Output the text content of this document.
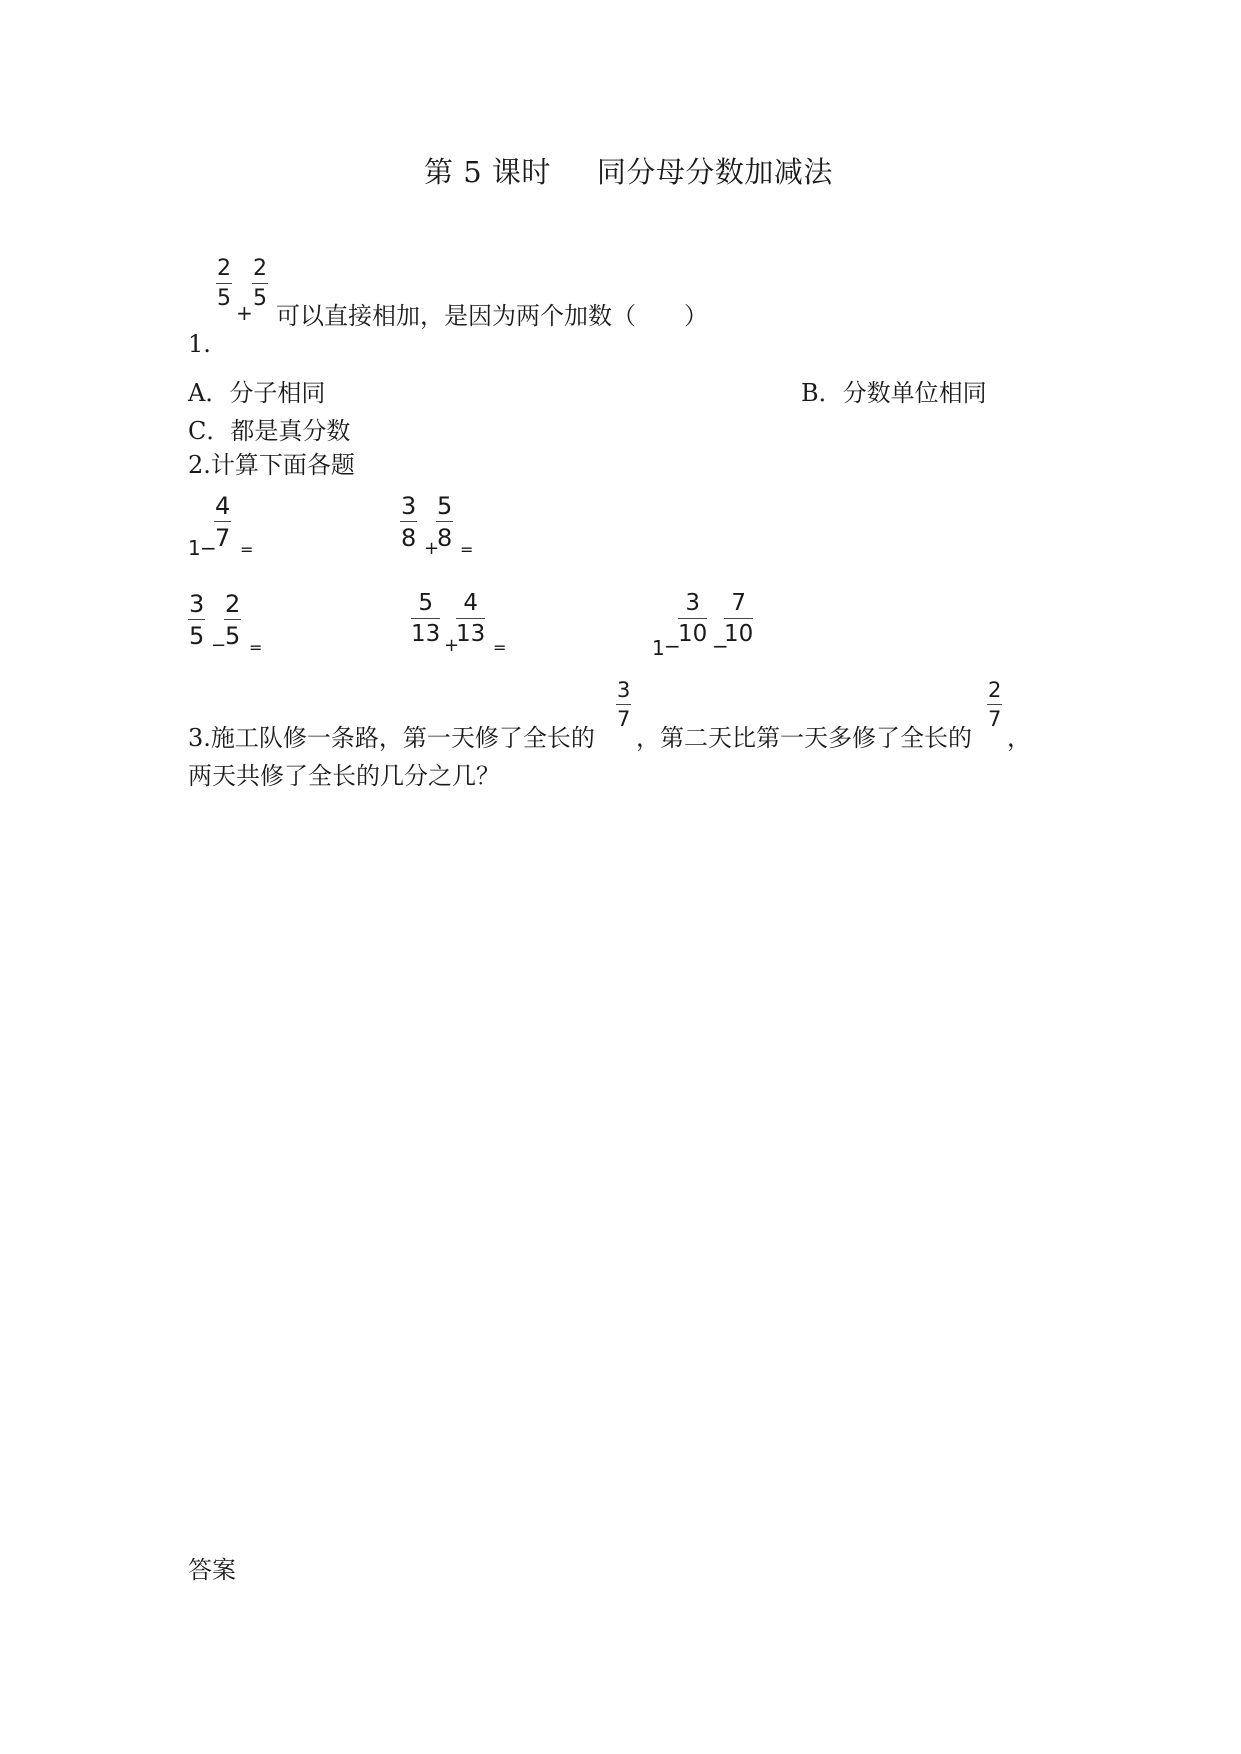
第 5 课时 同分母分数加减法
2
5
+
2
5
可以直接相加，是因为两个加数（　　）
1.
A．分子相同	B．分数单位相同
C．都是真分数
2.计算下面各题
1 −
4
7 =
3
8 +
5
8 =
3
5 −
2
5 =
5
13 +
4
13
=	1 −
3
10 −
7
10
3.施工队修一条路，第一天修了全长的
3
7
，第二天比第一天多修了全长的
2
7
，
两天共修了全长的几分之几？
答案
